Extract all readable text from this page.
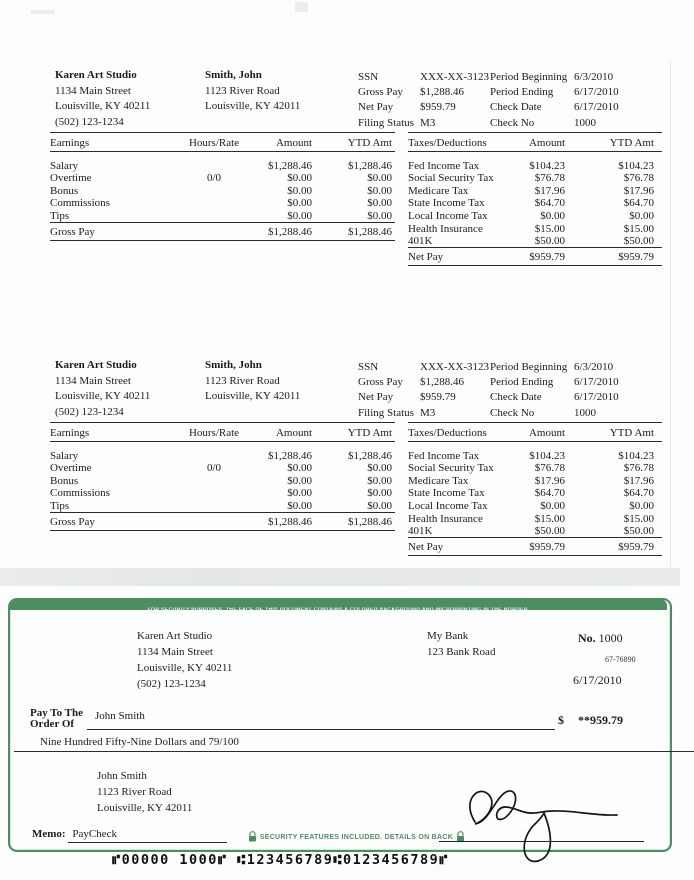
Karen Art Studio
1134 Main Street
Louisville, KY 40211
(502) 123-1234
Smith, John
1123 River Road
Louisville, KY 42011
SSN	XXX-XX-3123
Gross Pay $1,288.46
Net Pay $959.79
Filing Status M3
Period Beginning 6/3/2010
Period Ending 6/17/2010
Check Date	6/17/2010
Check No	1000
Earnings	Hours/Rate	Amount	YTD Amt

Salary		$1,288.46	$1,288.46
Overtime	0/0	$0.00	$0.00
Bonus		$0.00	$0.00
Commissions		$0.00	$0.00
Tips		$0.00	$0.00
Gross Pay		$1,288.46	$1,288.46
Taxes/Deductions	Amount	YTD Amt

Fed Income Tax	$104.23	$104.23
Social Security Tax	$76.78	$76.78
Medicare Tax	$17.96	$17.96
State Income Tax	$64.70	$64.70
Local Income Tax	$0.00	$0.00
Health Insurance	$15.00	$15.00
401K	$50.00	$50.00
Net Pay	$959.79	$959.79
Karen Art Studio
1134 Main Street
Louisville, KY 40211
(502) 123-1234
Smith, John
1123 River Road
Louisville, KY 42011
SSN	XXX-XX-3123
Gross Pay $1,288.46
Net Pay $959.79
Filing Status M3
Period Beginning 6/3/2010
Period Ending 6/17/2010
Check Date	6/17/2010
Check No	1000
Earnings	Hours/Rate	Amount	YTD Amt

Salary		$1,288.46	$1,288.46
Overtime	0/0	$0.00	$0.00
Bonus		$0.00	$0.00
Commissions		$0.00	$0.00
Tips		$0.00	$0.00
Gross Pay		$1,288.46	$1,288.46
Taxes/Deductions	Amount	YTD Amt

Fed Income Tax	$104.23	$104.23
Social Security Tax	$76.78	$76.78
Medicare Tax	$17.96	$17.96
State Income Tax	$64.70	$64.70
Local Income Tax	$0.00	$0.00
Health Insurance	$15.00	$15.00
401K	$50.00	$50.00
Net Pay	$959.79	$959.79
FOR SECURITY PURPOSES, THE FACE OF THIS DOCUMENT CONTAINS A COLORED BACKGROUND AND MICROPRINTING IN THE BORDER
Karen Art Studio
1134 Main Street
Louisville, KY 40211
(502) 123-1234
My Bank
123 Bank Road
No. 1000
67-76890
6/17/2010
Pay To The
Order Of
John Smith	$ **959.79
Nine Hundred Fifty-Nine Dollars and 79/100
John Smith
1123 River Road
Louisville, KY 42011
Memo: PayCheck	SECURITY FEATURES INCLUDED. DETAILS ON BACK
⑈00000 1000⑈ ⑆123456789⑆0123456789⑈
